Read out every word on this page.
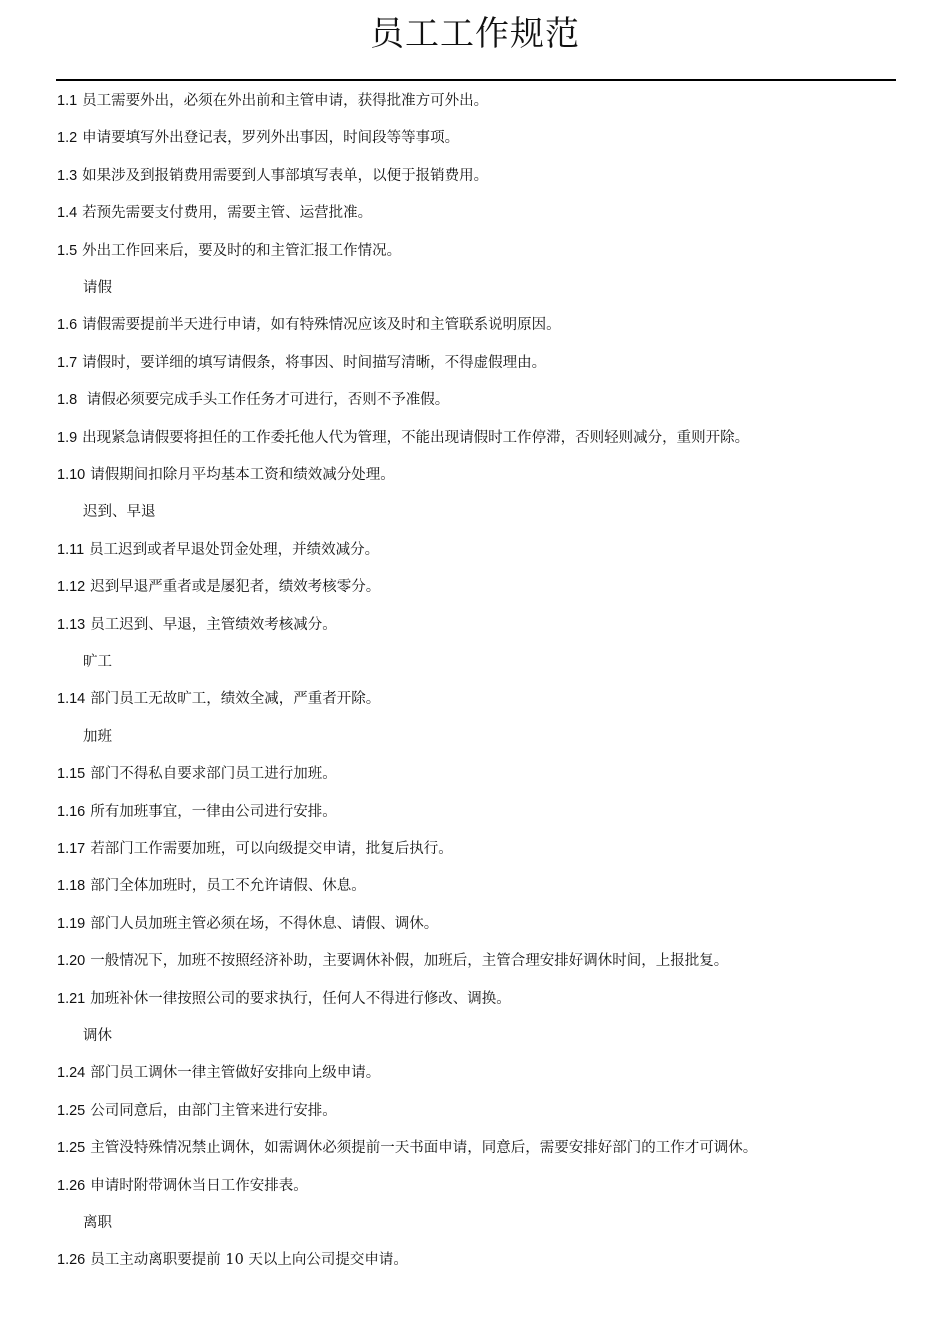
员工工作规范
1.1 员工需要外出，必须在外出前和主管申请，获得批准方可外出。
1.2 申请要填写外出登记表，罗列外出事因，时间段等等事项。
1.3 如果涉及到报销费用需要到人事部填写表单，以便于报销费用。
1.4 若预先需要支付费用，需要主管、运营批准。
1.5 外出工作回来后，要及时的和主管汇报工作情况。
请假
1.6 请假需要提前半天进行申请，如有特殊情况应该及时和主管联系说明原因。
1.7 请假时，要详细的填写请假条，将事因、时间描写清晰，不得虚假理由。
1.8 请假必须要完成手头工作任务才可进行，否则不予准假。
1.9 出现紧急请假要将担任的工作委托他人代为管理，不能出现请假时工作停滞，否则轻则减分，重则开除。
1.10 请假期间扣除月平均基本工资和绩效减分处理。
迟到、早退
1.11 员工迟到或者早退处罚金处理，并绩效减分。
1.12 迟到早退严重者或是屡犯者，绩效考核零分。
1.13 员工迟到、早退，主管绩效考核减分。
旷工
1.14 部门员工无故旷工，绩效全减，严重者开除。
加班
1.15 部门不得私自要求部门员工进行加班。
1.16 所有加班事宜，一律由公司进行安排。
1.17 若部门工作需要加班，可以向级提交申请，批复后执行。
1.18 部门全体加班时，员工不允许请假、休息。
1.19 部门人员加班主管必须在场，不得休息、请假、调休。
1.20 一般情况下，加班不按照经济补助，主要调休补假，加班后，主管合理安排好调休时间，上报批复。
1.21 加班补休一律按照公司的要求执行，任何人不得进行修改、调换。
调休
1.24 部门员工调休一律主管做好安排向上级申请。
1.25 公司同意后，由部门主管来进行安排。
1.25 主管没特殊情况禁止调休，如需调休必须提前一天书面申请，同意后，需要安排好部门的工作才可调休。
1.26 申请时附带调休当日工作安排表。
离职
1.26 员工主动离职要提前 10 天以上向公司提交申请。
